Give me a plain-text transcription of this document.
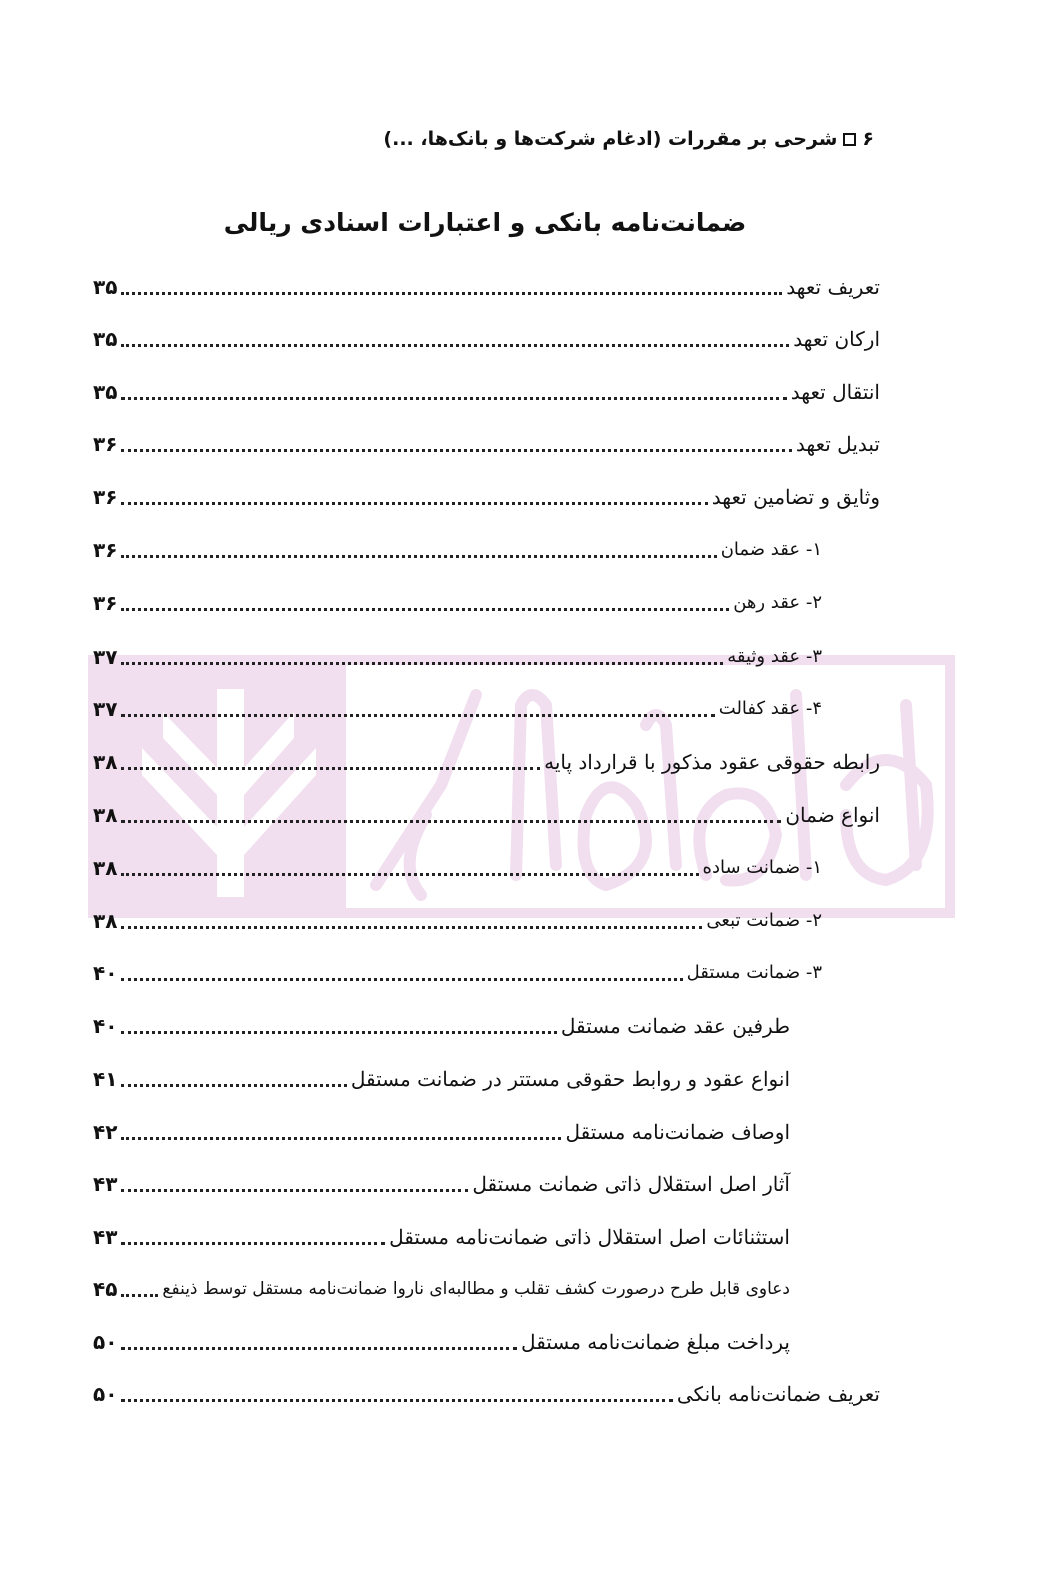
۶
شرحی بر مقررات (ادغام شرکت‌ها و بانک‌ها، ...)
ضمانت‌نامه بانکی و اعتبارات اسنادی ریالی
تعریف تعهد
۳۵
ارکان تعهد
۳۵
انتقال تعهد
۳۵
تبدیل تعهد
۳۶
وثایق و تضامین تعهد
۳۶
۱- عقد ضمان
۳۶
۲- عقد رهن
۳۶
۳- عقد وثیقه
۳۷
۴- عقد کفالت
۳۷
رابطه حقوقی عقود مذکور با قرارداد پایه
۳۸
انواع ضمان
۳۸
۱- ضمانت ساده
۳۸
۲- ضمانت تبعی
۳۸
۳- ضمانت مستقل
۴۰
طرفین عقد ضمانت مستقل
۴۰
انواع عقود و روابط حقوقی مستتر در ضمانت مستقل
۴۱
اوصاف ضمانت‌نامه مستقل
۴۲
آثار اصل استقلال ذاتی ضمانت مستقل
۴۳
استثنائات اصل استقلال ذاتی ضمانت‌نامه مستقل
۴۳
دعاوی قابل طرح درصورت کشف تقلب و مطالبه‌ای ناروا ضمانت‌نامه مستقل توسط ذینفع
۴۵
پرداخت مبلغ ضمانت‌نامه مستقل
۵۰
تعریف ضمانت‌نامه بانکی
۵۰
